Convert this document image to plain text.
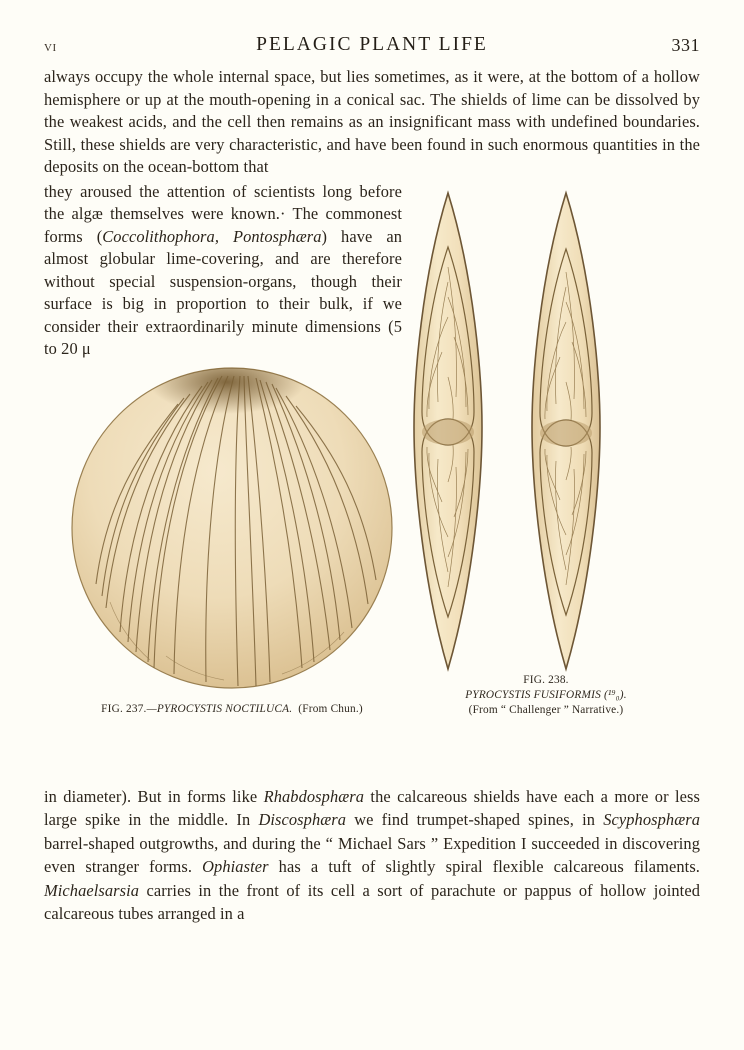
VI	PELAGIC PLANT LIFE	331
always occupy the whole internal space, but lies sometimes, as it were, at the bottom of a hollow hemisphere or up at the mouth-opening in a conical sac. The shields of lime can be dissolved by the weakest acids, and the cell then remains as an insignificant mass with undefined boundaries. Still, these shields are very characteristic, and have been found in such enormous quantities in the deposits on the ocean-bottom that
they aroused the attention of scientists long before the algæ themselves were known.· The commonest forms (Coccolithophora, Pontosphæra) have an almost globular lime-covering, and are therefore without special suspension-organs, though their surface is big in proportion to their bulk, if we consider their extraordinarily minute dimensions (5 to 20 μ
FIG. 237.—PYROCYSTIS NOCTILUCA. (From Chun.)
FIG. 238.
PYROCYSTIS FUSIFORMIS (¹⁹₀).
(From “ Challenger ” Narrative.)
in diameter). But in forms like Rhabdosphæra the calcareous shields have each a more or less large spike in the middle. In Discosphæra we find trumpet-shaped spines, in Scyphosphæra barrel-shaped outgrowths, and during the “ Michael Sars ” Expedition I succeeded in discovering even stranger forms. Ophiaster has a tuft of slightly spiral flexible calcareous filaments. Michaelsarsia carries in the front of its cell a sort of parachute or pappus of hollow jointed calcareous tubes arranged in a
